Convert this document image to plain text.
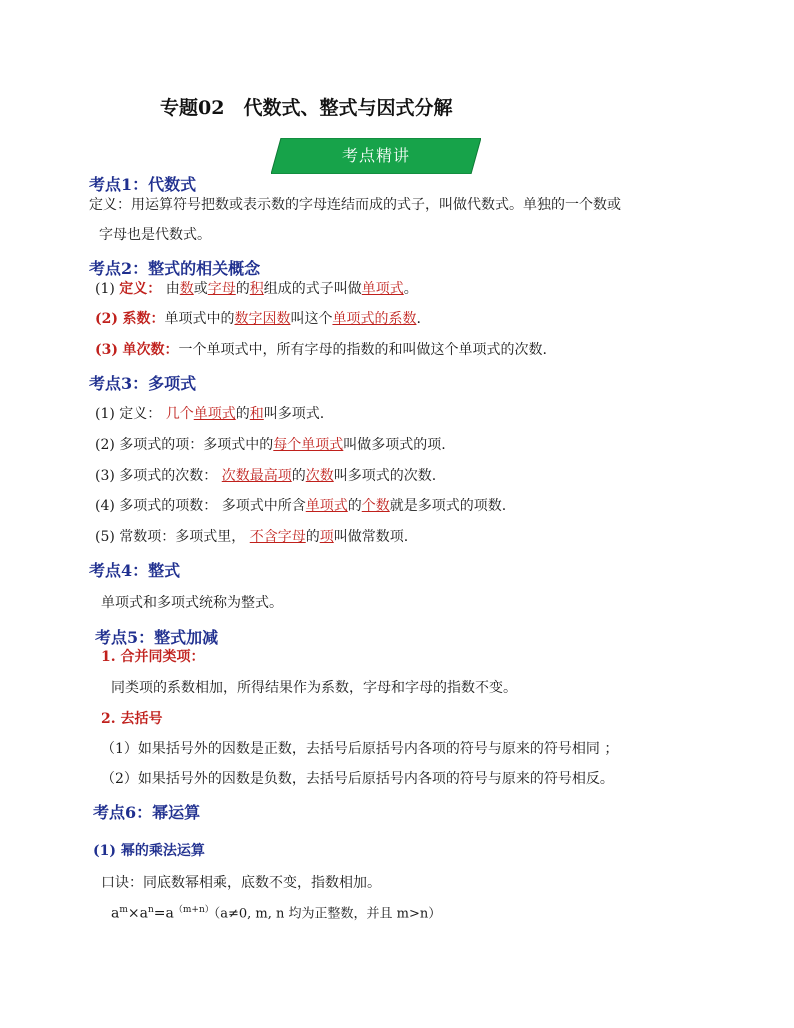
专题02　代数式、整式与因式分解
考点精讲
考点1：代数式
定义：用运算符号把数或表示数的字母连结而成的式子，叫做代数式。单独的一个数或
字母也是代数式。
考点2：整式的相关概念
(1) 定义： 由数或字母的积组成的式子叫做单项式。
(2) 系数：单项式中的数字因数叫这个单项式的系数.
(3) 单次数：一个单项式中，所有字母的指数的和叫做这个单项式的次数.
考点3：多项式
(1) 定义： 几个单项式的和叫多项式.
(2) 多项式的项：多项式中的每个单项式叫做多项式的项.
(3) 多项式的次数： 次数最高项的次数叫多项式的次数.
(4) 多项式的项数： 多项式中所含单项式的个数就是多项式的项数.
(5) 常数项：多项式里， 不含字母的项叫做常数项.
考点4：整式
单项式和多项式统称为整式。
考点5：整式加减
1. 合并同类项：
同类项的系数相加，所得结果作为系数，字母和字母的指数不变。
2. 去括号
（1）如果括号外的因数是正数，去括号后原括号内各项的符号与原来的符号相同 ；
（2）如果括号外的因数是负数，去括号后原括号内各项的符号与原来的符号相反。
考点6：幂运算
(1) 幂的乘法运算
口诀：同底数幂相乘，底数不变，指数相加。
$a^m\times a^n=a^{(m+n)}(a\ne 0$, m, n 均为正整数，并且 m>n）
